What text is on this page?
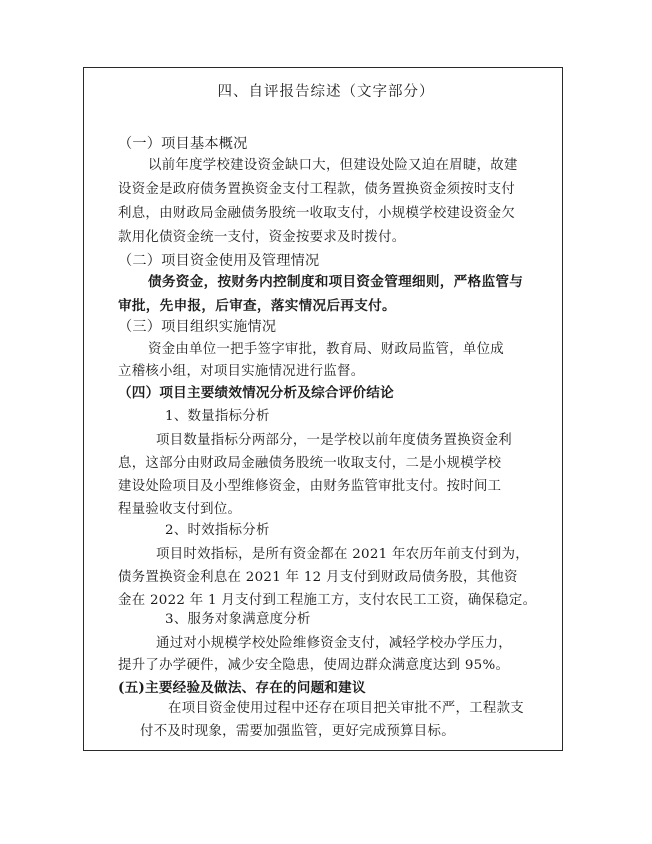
四、自评报告综述（文字部分）
（一）项目基本概况
以前年度学校建设资金缺口大，但建设处险又迫在眉睫，故建
设资金是政府债务置换资金支付工程款，债务置换资金须按时支付
利息，由财政局金融债务股统一收取支付，小规模学校建设资金欠
款用化债资金统一支付，资金按要求及时拨付。
（二）项目资金使用及管理情况
债务资金，按财务内控制度和项目资金管理细则，严格监管与
审批，先申报，后审查，落实情况后再支付。
（三）项目组织实施情况
资金由单位一把手签字审批，教育局、财政局监管，单位成
立稽核小组，对项目实施情况进行监督。
（四）项目主要绩效情况分析及综合评价结论
1、数量指标分析
项目数量指标分两部分，一是学校以前年度债务置换资金利
息，这部分由财政局金融债务股统一收取支付，二是小规模学校
建设处险项目及小型维修资金，由财务监管审批支付。按时间工
程量验收支付到位。
2、时效指标分析
项目时效指标，是所有资金都在 2021 年农历年前支付到为，
债务置换资金利息在 2021 年 12 月支付到财政局债务股，其他资
金在 2022 年 1 月支付到工程施工方，支付农民工工资，确保稳定。
3、服务对象满意度分析
通过对小规模学校处险维修资金支付，减轻学校办学压力，
提升了办学硬件，减少安全隐患，使周边群众满意度达到 95%。
(五)主要经验及做法、存在的问题和建议
在项目资金使用过程中还存在项目把关审批不严，工程款支
付不及时现象，需要加强监管，更好完成预算目标。
